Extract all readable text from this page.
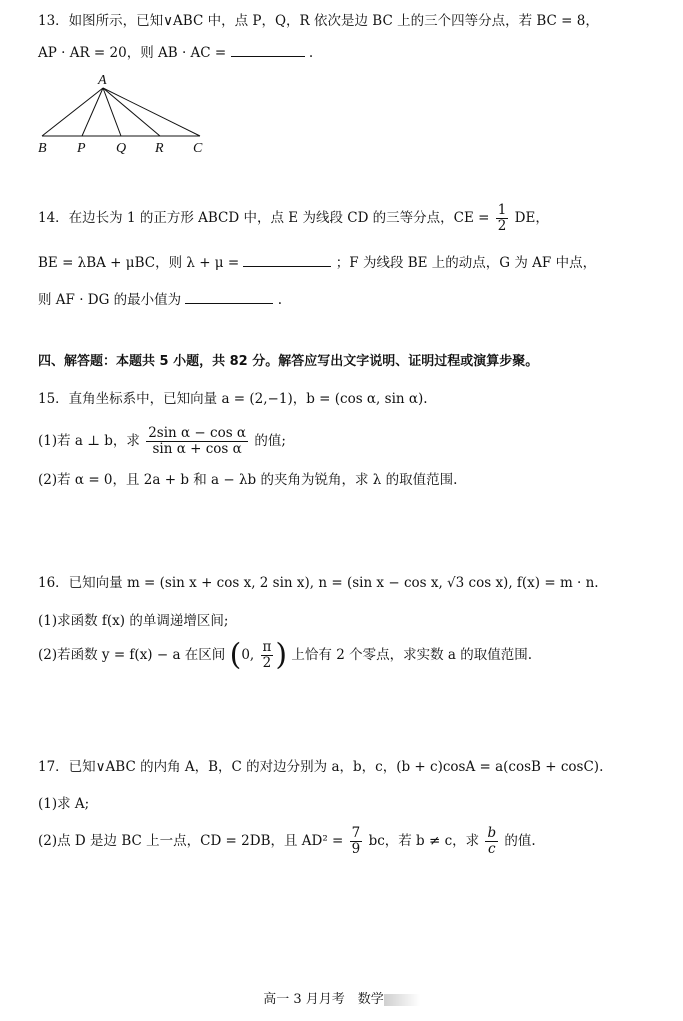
13．如图所示，已知∨ABC 中，点 P，Q，R 依次是边 BC 上的三个四等分点，若 BC = 8，
AP · AR = 20，则 AB · AC =	.
A
B P Q R C
14．在边长为 1 的正方形 ABCD 中，点 E 为线段 CD 的三等分点，CE = $\frac{1}{2}$ DE，
BE = λBA + μBC，则 λ + μ =	；F 为线段 BE 上的动点，G 为 AF 中点，
则 AF · DG 的最小值为	.
四、解答题：本题共 5 小题，共 82 分。解答应写出文字说明、证明过程或演算步聚。
15．直角坐标系中，已知向量 a = (2,−1)，b = (cos α, sin α).
(1)若 a ⊥ b，求 $\frac{\text{2sin α − cos α}}{\text{sin α + cos α}}$ 的值;
(2)若 α = 0，且 2a + b 和 a − λb 的夹角为锐角，求 λ 的取值范围.
16．已知向量 m = (sin x + cos x, 2 sin x), n = (sin x − cos x, √3 cos x), f(x) = m · n.
(1)求函数 f(x) 的单调递增区间;
(2)若函数 y = f(x) − a 在区间 (0, $\frac{\pi}{2}$ ) 上恰有 2 个零点，求实数 a 的取值范围.
17．已知∨ABC 的内角 A，B，C 的对边分别为 a，b，c，(b + c)cosA = a(cosB + cosC).
(1)求 A;
(2)点 D 是边 BC 上一点，CD = 2DB，且 $AD^2 = \frac{7}{9}$ bc，若 b ≠ c，求 $\frac{b}{c}$ 的值.
高一 3 月月考　数学
